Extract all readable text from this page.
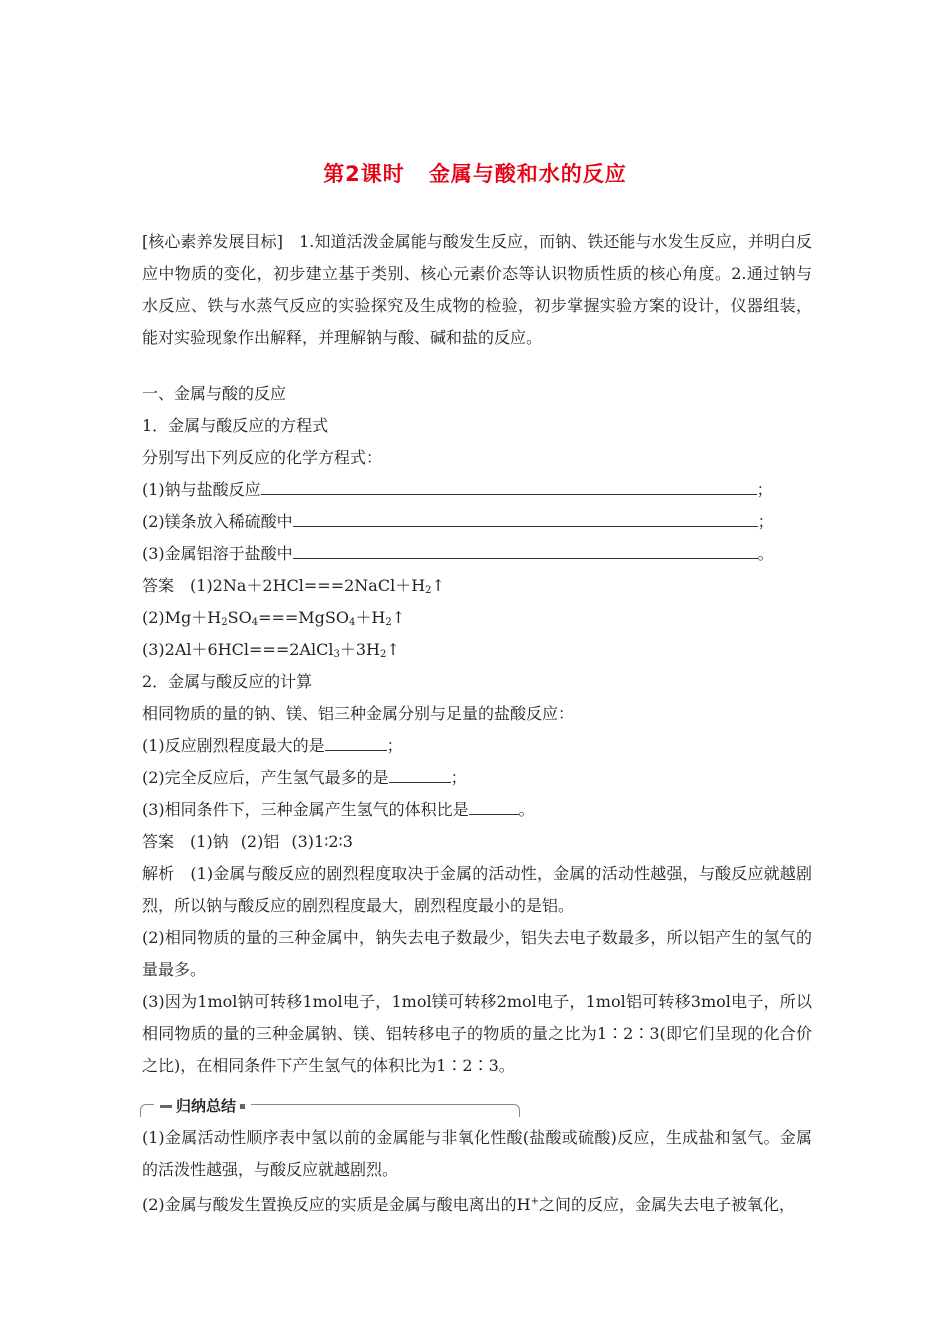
第2课时 金属与酸和水的反应
[核心素养发展目标]　1.知道活泼金属能与酸发生反应，而钠、铁还能与水发生反应，并明白反应中物质的变化，初步建立基于类别、核心元素价态等认识物质性质的核心角度。2.通过钠与水反应、铁与水蒸气反应的实验探究及生成物的检验，初步掌握实验方案的设计，仪器组装，能对实验现象作出解释，并理解钠与酸、碱和盐的反应。
一、金属与酸的反应
1．金属与酸反应的方程式
分别写出下列反应的化学方程式：
(1)钠与盐酸反应	；
(2)镁条放入稀硫酸中	；
(3)金属铝溶于盐酸中	。
答案 $(1)2Na+2HCl===2NaCl+H_2↑$
$(2)Mg+H_2SO_4===MgSO_4+H_2↑$
$(3)2Al+6HCl===2AlCl_3+3H_2↑$
2．金属与酸反应的计算
相同物质的量的钠、镁、铝三种金属分别与足量的盐酸反应：
(1)反应剧烈程度最大的是	；
(2)完全反应后，产生氢气最多的是	；
(3)相同条件下，三种金属产生氢气的体积比是	。
答案 (1)钠 (2)铝 (3)1∶2∶3
解析 (1)金属与酸反应的剧烈程度取决于金属的活动性，金属的活动性越强，与酸反应就越剧烈，所以钠与酸反应的剧烈程度最大，剧烈程度最小的是铝。
(2)相同物质的量的三种金属中，钠失去电子数最少，铝失去电子数最多，所以铝产生的氢气的量最多。
(3)因为1mol钠可转移1mol电子，1mol镁可转移2mol电子，1mol铝可转移3mol电子，所以相同物质的量的三种金属钠、镁、铝转移电子的物质的量之比为1∶2∶3(即它们呈现的化合价之比)，在相同条件下产生氢气的体积比为1∶2∶3。
归纳总结
(1)金属活动性顺序表中氢以前的金属能与非氧化性酸(盐酸或硫酸)反应，生成盐和氢气。金属的活泼性越强，与酸反应就越剧烈。
(2)金属与酸发生置换反应的实质是金属与酸电离出的H+之间的反应，金属失去电子被氧化，
